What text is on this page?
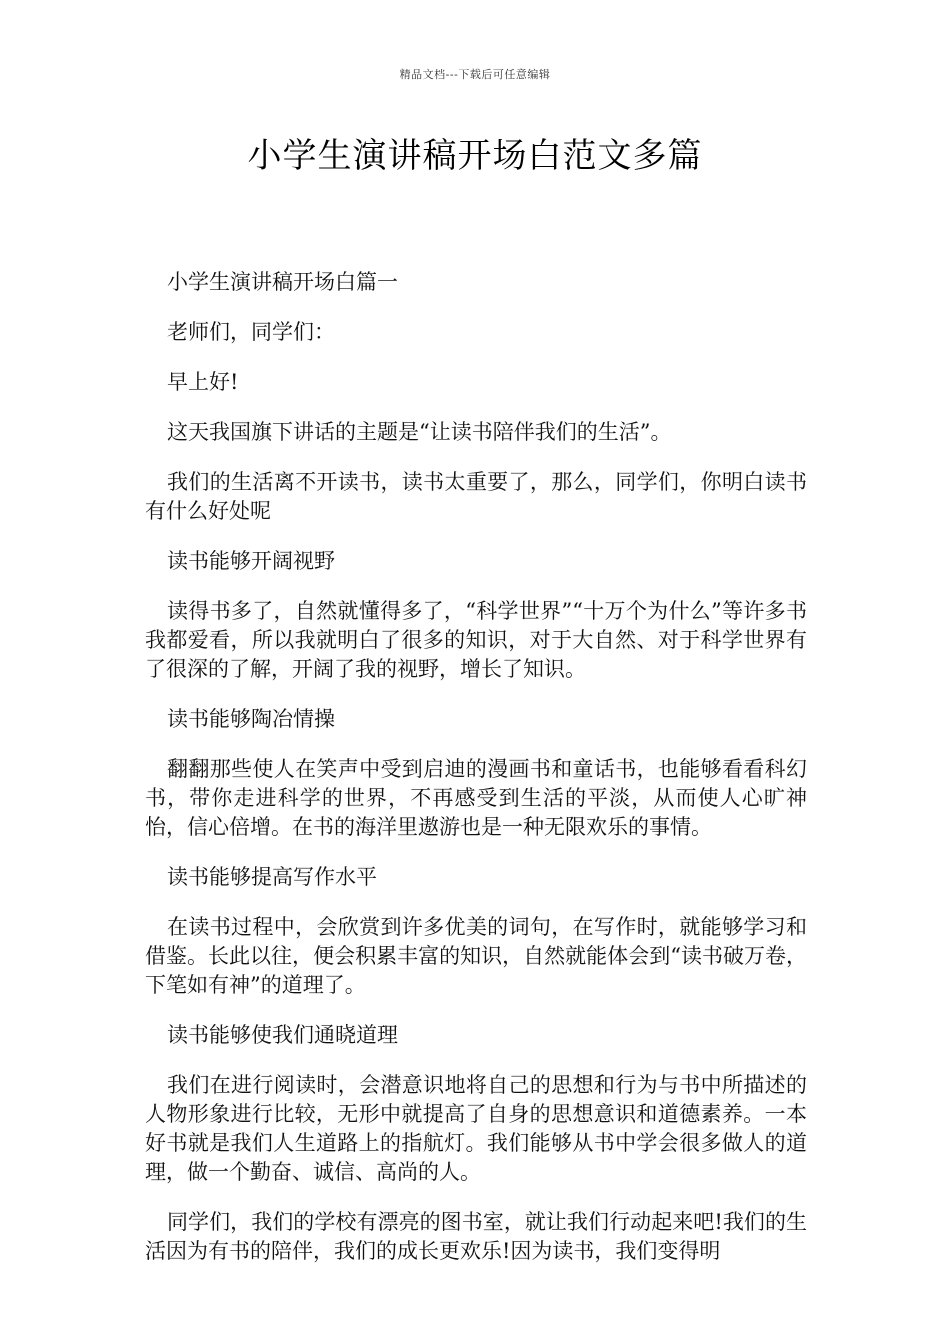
精品文档---下载后可任意编辑
小学生演讲稿开场白范文多篇

小学生演讲稿开场白篇一

老师们，同学们：

早上好!

这天我国旗下讲话的主题是“让读书陪伴我们的生活”。

我们的生活离不开读书，读书太重要了，那么，同学们，你明白读书有什么好处呢

读书能够开阔视野

读得书多了，自然就懂得多了，“科学世界”“十万个为什么”等许多书我都爱看，所以我就明白了很多的知识，对于大自然、对于科学世界有了很深的了解，开阔了我的视野，增长了知识。

读书能够陶冶情操

翻翻那些使人在笑声中受到启迪的漫画书和童话书，也能够看看科幻书，带你走进科学的世界，不再感受到生活的平淡，从而使人心旷神怡，信心倍增。在书的海洋里遨游也是一种无限欢乐的事情。

读书能够提高写作水平

在读书过程中，会欣赏到许多优美的词句，在写作时，就能够学习和借鉴。长此以往，便会积累丰富的知识，自然就能体会到“读书破万卷，下笔如有神”的道理了。

读书能够使我们通晓道理

我们在进行阅读时，会潜意识地将自己的思想和行为与书中所描述的人物形象进行比较，无形中就提高了自身的思想意识和道德素养。一本好书就是我们人生道路上的指航灯。我们能够从书中学会很多做人的道理，做一个勤奋、诚信、高尚的人。

同学们，我们的学校有漂亮的图书室，就让我们行动起来吧!我们的生活因为有书的陪伴，我们的成长更欢乐!因为读书，我们变得明
